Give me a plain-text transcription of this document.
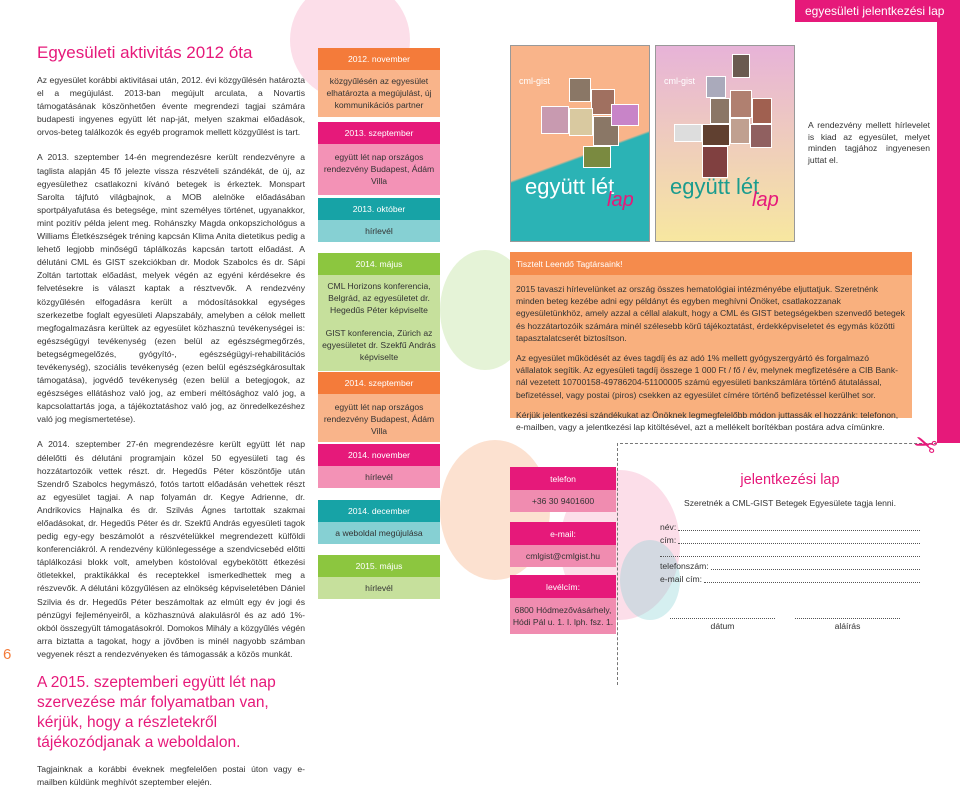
egyesületi jelentkezési lap
Egyesületi aktivitás 2012 óta

Az egyesület korábbi aktivitásai után, 2012. évi közgyűlésén határozta el a megújulást. 2013-ban megújult arculata, a Novartis támogatásának köszönhetően évente megrendezi tagjai számára budapesti ingyenes együtt lét nap-ját, melyen szakmai előadások, orvos-beteg találkozók és egyéb programok mellett közgyűlést is tart.

A 2013. szeptember 14-én megrendezésre került rendezvényre a taglista alapján 45 fő jelezte vissza részvételi szándékát, de új, az egyesülethez csatlakozni kívánó betegek is érkeztek. Monspart Sarolta tájfutó világbajnok, a MOB alelnöke előadásában sportpályafutása és betegsége, mint személyes történet, ugyanakkor, mint pozitív példa jelent meg. Rohánszky Magda onkopszichológus a Williams Életkészségek tréning kapcsán Klima Anita dietetikus pedig a lehető legjobb minőségű táplálkozás kapcsán tartott előadást. A délutáni CML és GIST szekciókban dr. Modok Szabolcs és dr. Sápi Zoltán tartottak előadást, melyek végén az egyéni kérdésekre és felvetésekre is választ kaptak a résztvevők. A rendezvény közgyűlésén elfogadásra került a módosításokkal egységes szerkezetbe foglalt egyesületi Alapszabály, amelyben a célok mellett megfogalmazásra kerültek az egyesület közhasznú tevékenységei is: egészségügyi tevékenység (ezen belül az egészségmegőrzés, betegségmegelőzés, gyógyító-, egészségügyi-rehabilitációs tevékenység), szociális tevékenység (ezen belül egészségkárosultak támogatása), jogvédő tevékenység (ezen belül a betegjogok, az egészséges ellátáshoz való jog, az emberi méltósághoz való jog, a kapcsolattartás joga, a tájékoztatáshoz való jog, az önredelkezéshez való jog megismertetése).

A 2014. szeptember 27-én megrendezésre került együtt lét nap délelőtti és délutáni programjain közel 50 egyesületi tag és hozzátartozóik vettek részt. dr. Hegedűs Péter köszöntője után Szendrő Szabolcs hegymászó, fotós tartott előadásán vehettek részt az egyesület tagjai. A nap folyamán dr. Kegye Adrienne, dr. Andrikovics Hajnalka és dr. Szilvás Ágnes tartottak szakmai előadásokat, dr. Hegedűs Péter és dr. Szekfű András egyesületi tagok pedig egy-egy beszámolót a részvételükkel megrendezett külföldi konferenciákról. A rendezvény különlegessége a szendvicsebéd előtti táplálkozási blokk volt, amelyben kóstolóval egybekötött étkezési ötletekkel, praktikákkal és receptekkel ismerkedhettek meg a részvevők. A délutáni közgyűlésen az elnökség képviseletében Dániel Szilvia és dr. Hegedűs Péter beszámoltak az elmúlt egy év jogi és pénzügyi fejleményeiről, a közhasznúvá alakulásról és az adó 1%-okból összegyült támogatásokról. Domokos Mihály a közgyűlés végén arra biztatta a tagokat, hogy a jövőben is minél nagyobb számban vegyenek részt a rendezvényeken és támogassák a közös munkát.

A 2015. szeptemberi együtt lét nap szervezése már folyamatban van, kérjük, hogy a részletekről tájékozódjanak a weboldalon.

Tagjainknak a korábbi éveknek megfelelően postai úton vagy e-mailben küldünk meghívót szeptember elején.

6
2012. november
közgyűlésén az egyesület elhatározta a megújulást, új kommunikációs partner
2013. szeptember
együtt lét nap országos rendezvény Budapest, Ádám Villa
2013. október
hírlevél
2014. május
CML Horizons konferencia, Belgrád, az egyesületet dr. Hegedűs Péter képviselte
GIST konferencia, Zürich az egyesületet dr. Szekfű András képviselte
2014. szeptember
együtt lét nap országos rendezvény Budapest, Ádám Villa
2014. november
hírlevél
2014. december
a weboldal megújulása
2015. május
hírlevél
cml-gist
együtt lét
lap
cml-gist
együtt lét
lap
A rendezvény mellett hírlevelet is kiad az egyesület, melyet minden tagjához ingyenesen juttat el.
Tisztelt Leendő Tagtársaink!

2015 tavaszi hírlevelünket az ország összes hematológiai intézményébe eljuttatjuk. Szeretnénk minden beteg kezébe adni egy példányt és egyben meghívni Önöket, csatlakozzanak egyesületünkhöz, amely azzal a céllal alakult, hogy a CML és GIST betegségekben szenvedő betegek és hozzátartozóik számára minél szélesebb körű tájékoztatást, érdekképviseletet és egymás közötti tapasztalatcserét biztosítson.

Az egyesület működését az éves tagdíj és az adó 1% mellett gyógyszergyártó és forgalmazó vállalatok segítik. Az egyesületi tagdíj összege 1 000 Ft / fő / év, melynek megfizetésére a CIB Bank-nál vezetett 10700158-49786204-51100005 számú egyesületi bankszámlára történő átutalással, befizetéssel, vagy postai (piros) csekken az egyesület címére történő befizetéssel kerülhet sor.

Kérjük jelentkezési szándékukat az Önöknek legmegfelelőbb módon juttassák el hozzánk: telefonon, e-mailben, vagy a jelentkezési lap kitöltésével, azt a mellékelt borítékban postára adva címünkre.

telefon
+36 30 9401600
e-mail:
cmlgist@cmlgist.hu
levélcím:
6800 Hódmezővásárhely, Hódi Pál u. 1. I. lph. fsz. 1.
✂
jelentkezési lap
Szeretnék a CML-GIST Betegek Egyesülete tagja lenni.
név:
cím:
telefonszám:
e-mail cím:
dátum	aláírás
